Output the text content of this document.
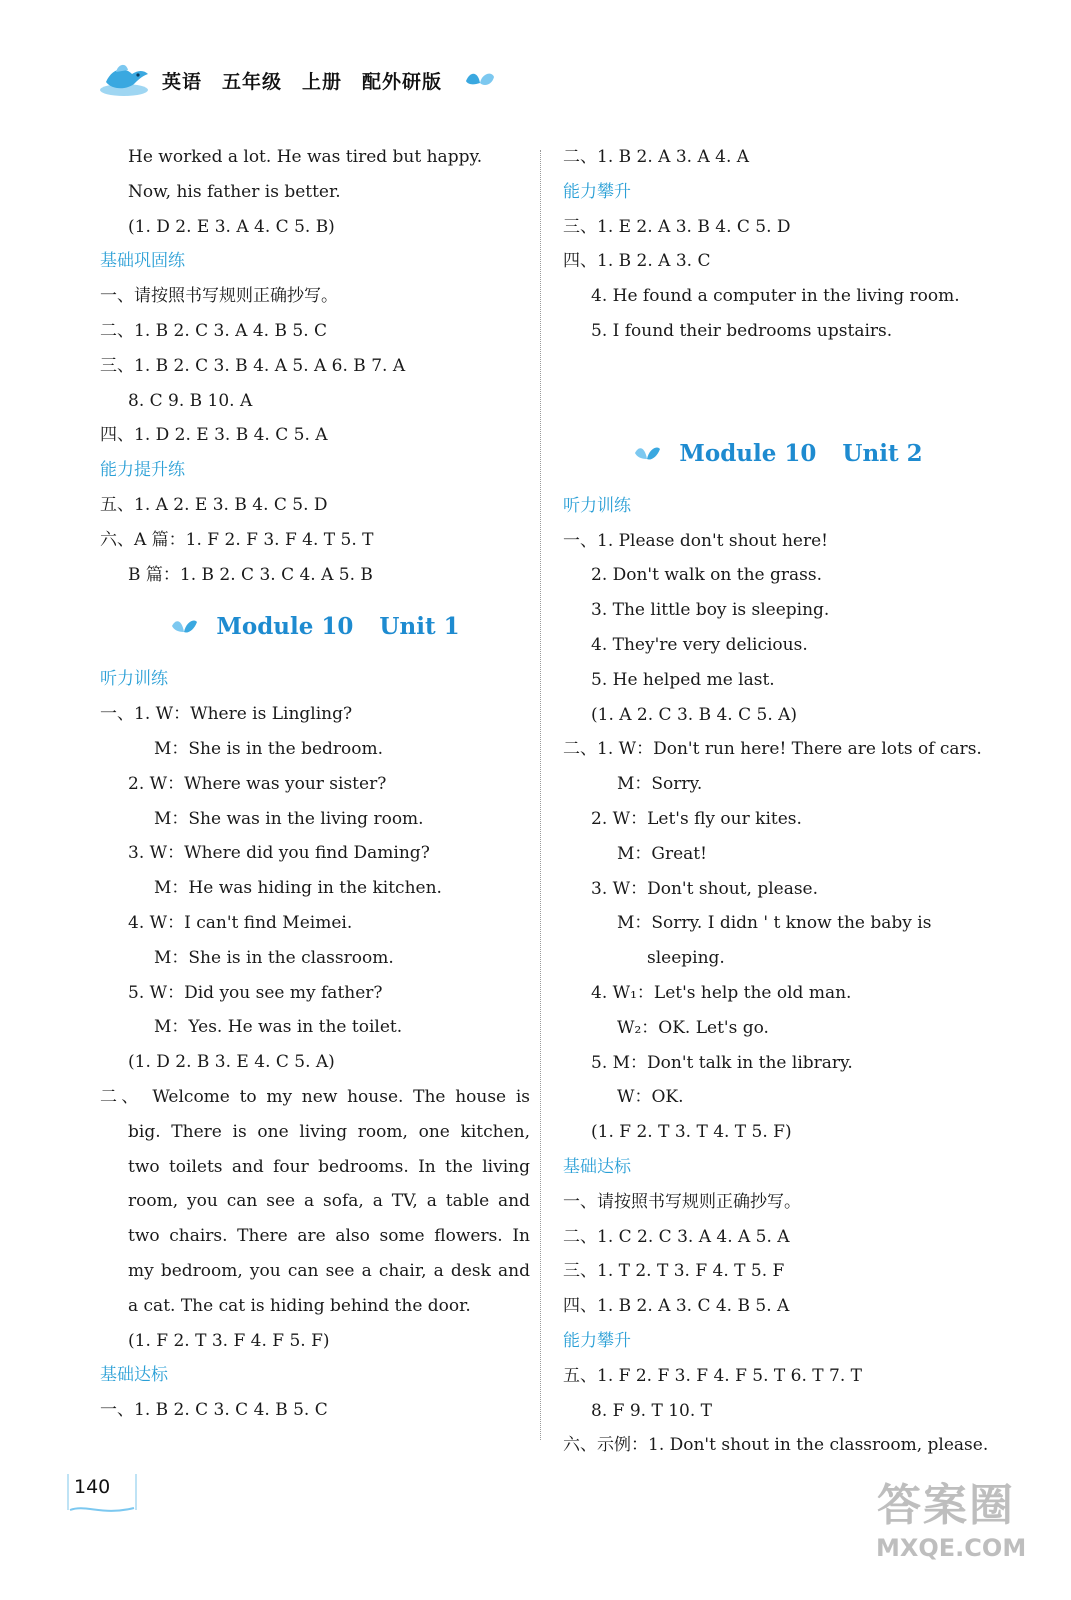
英语 五年级 上册 配外研版
He worked a lot. He was tired but happy.
Now, his father is better.
(1. D 2. E 3. A 4. C 5. B)
基础巩固练
一、请按照书写规则正确抄写。
二、1. B 2. C 3. A 4. B 5. C
三、1. B 2. C 3. B 4. A 5. A 6. B 7. A
8. C 9. B 10. A
四、1. D 2. E 3. B 4. C 5. A
能力提升练
五、1. A 2. E 3. B 4. C 5. D
六、A 篇：1. F 2. F 3. F 4. T 5. T
B 篇：1. B 2. C 3. C 4. A 5. B
Module 10 Unit 1
听力训练
一、1. W：Where is Lingling?
M：She is in the bedroom.
2. W：Where was your sister?
M：She was in the living room.
3. W：Where did you find Daming?
M：He was hiding in the kitchen.
4. W：I can't find Meimei.
M：She is in the classroom.
5. W：Did you see my father?
M：Yes. He was in the toilet.
(1. D 2. B 3. E 4. C 5. A)
二、 Welcome to my new house. The house is
big. There is one living room, one kitchen,
two toilets and four bedrooms. In the living
room, you can see a sofa, a TV, a table and
two chairs. There are also some flowers. In
my bedroom, you can see a chair, a desk and
a cat. The cat is hiding behind the door.
(1. F 2. T 3. F 4. F 5. F)
基础达标
一、1. B 2. C 3. C 4. B 5. C
二、1. B 2. A 3. A 4. A
能力攀升
三、1. E 2. A 3. B 4. C 5. D
四、1. B 2. A 3. C
4. He found a computer in the living room.
5. I found their bedrooms upstairs.
Module 10 Unit 2
听力训练
一、1. Please don't shout here!
2. Don't walk on the grass.
3. The little boy is sleeping.
4. They're very delicious.
5. He helped me last.
(1. A 2. C 3. B 4. C 5. A)
二、1. W：Don't run here! There are lots of cars.
M：Sorry.
2. W：Let's fly our kites.
M：Great!
3. W：Don't shout, please.
M：Sorry. I didn ' t know the baby is
sleeping.
4. W₁：Let's help the old man.
W₂：OK. Let's go.
5. M：Don't talk in the library.
W：OK.
(1. F 2. T 3. T 4. T 5. F)
基础达标
一、请按照书写规则正确抄写。
二、1. C 2. C 3. A 4. A 5. A
三、1. T 2. T 3. F 4. T 5. F
四、1. B 2. A 3. C 4. B 5. A
能力攀升
五、1. F 2. F 3. F 4. F 5. T 6. T 7. T
8. F 9. T 10. T
六、示例：1. Don't shout in the classroom, please.
140	答案圈
MXQE.COM
